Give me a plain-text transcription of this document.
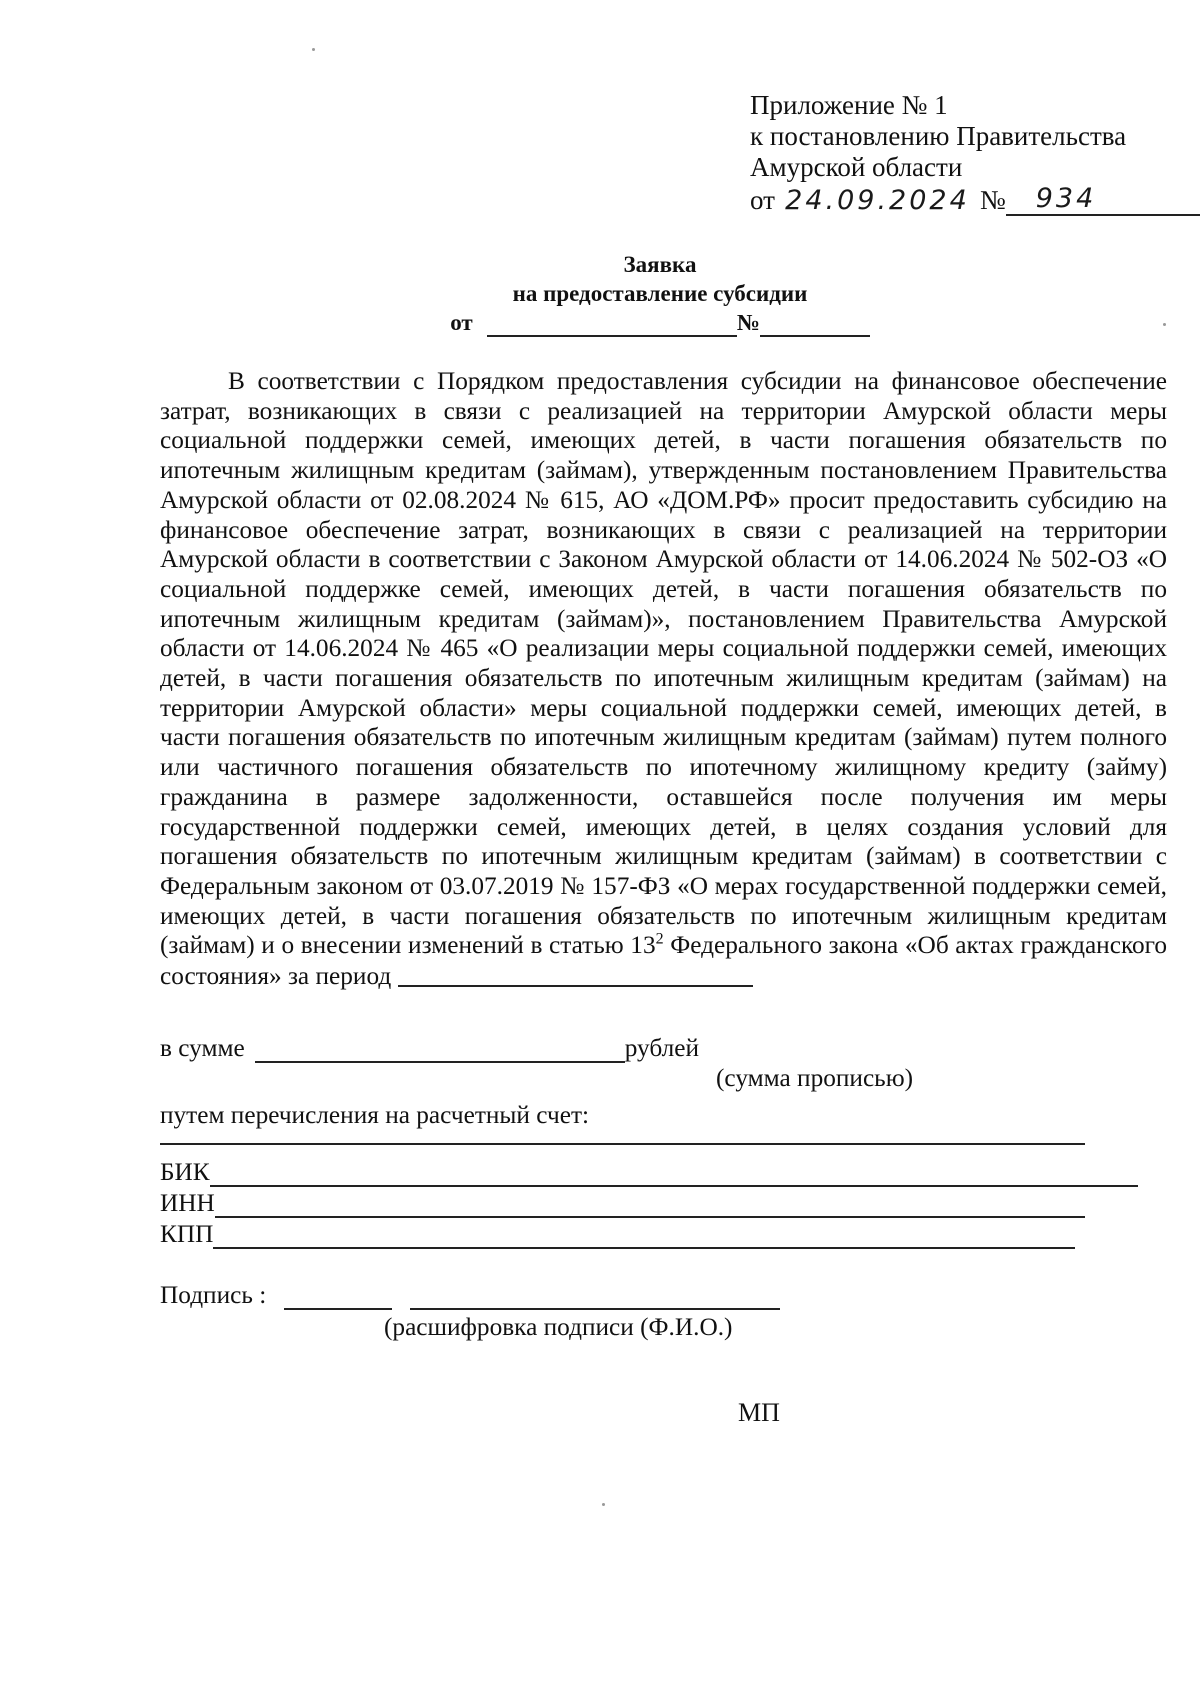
Приложение № 1
к постановлению Правительства
Амурской области
от 24.09.2024 №	934
Заявка
на предоставление субсидии
от	№

В соответствии с Порядком предоставления субсидии на финансовое обеспечение затрат, возникающих в связи с реализацией на территории Амурской области меры социальной поддержки семей, имеющих детей, в части погашения обязательств по ипотечным жилищным кредитам (займам), утвержденным постановлением Правительства Амурской области от 02.08.2024 № 615, АО «ДОМ.РФ» просит предоставить субсидию на финансовое обеспечение затрат, возникающих в связи с реализацией на территории Амурской области в соответствии с Законом Амурской области от 14.06.2024 № 502-ОЗ «О социальной поддержке семей, имеющих детей, в части погашения обязательств по ипотечным жилищным кредитам (займам)», постановлением Правительства Амурской области от 14.06.2024 № 465 «О реализации меры социальной поддержки семей, имеющих детей, в части погашения обязательств по ипотечным жилищным кредитам (займам) на территории Амурской области» меры социальной поддержки семей, имеющих детей, в части погашения обязательств по ипотечным жилищным кредитам (займам) путем полного или частичного погашения обязательств по ипотечному жилищному кредиту (займу) гражданина в размере задолженности, оставшейся после получения им меры государственной поддержки семей, имеющих детей, в целях создания условий для погашения обязательств по ипотечным жилищным кредитам (займам) в соответствии с Федеральным законом от 03.07.2019 № 157-ФЗ «О мерах государственной поддержки семей, имеющих детей, в части погашения обязательств по ипотечным жилищным кредитам (займам) и о внесении изменений в статью $13^2$ Федерального закона «Об актах гражданского состояния» за период

в сумме	рублей
(сумма прописью)
путем перечисления на расчетный счет:
БИК
ИНН
КПП
Подпись :
(расшифровка подписи (Ф.И.О.)
МП
